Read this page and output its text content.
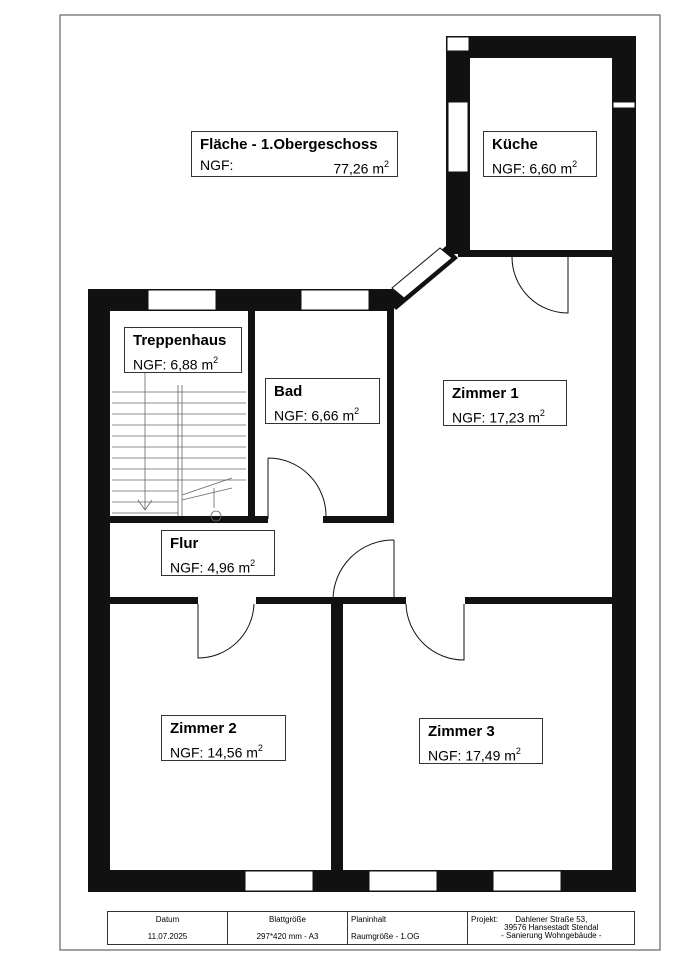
Fläche - 1.Obergeschoss
NGF:	77,26 $m^2$
Küche
NGF: 6,60 $m^2$
Treppenhaus
NGF: 6,88 $m^2$
Bad
NGF: 6,66 $m^2$
Zimmer 1
NGF: 17,23 $m^2$
Flur
NGF: 4,96 $m^2$
Zimmer 2
NGF: 14,56 $m^2$
Zimmer 3
NGF: 17,49 $m^2$
Datum
11.07.2025
Blattgröße
297*420 mm - A3
Planinhalt
Raumgröße - 1.OG
Projekt:	Dahlener Straße 53,
39576 Hansestadt Stendal
- Sanierung Wohngebäude -
